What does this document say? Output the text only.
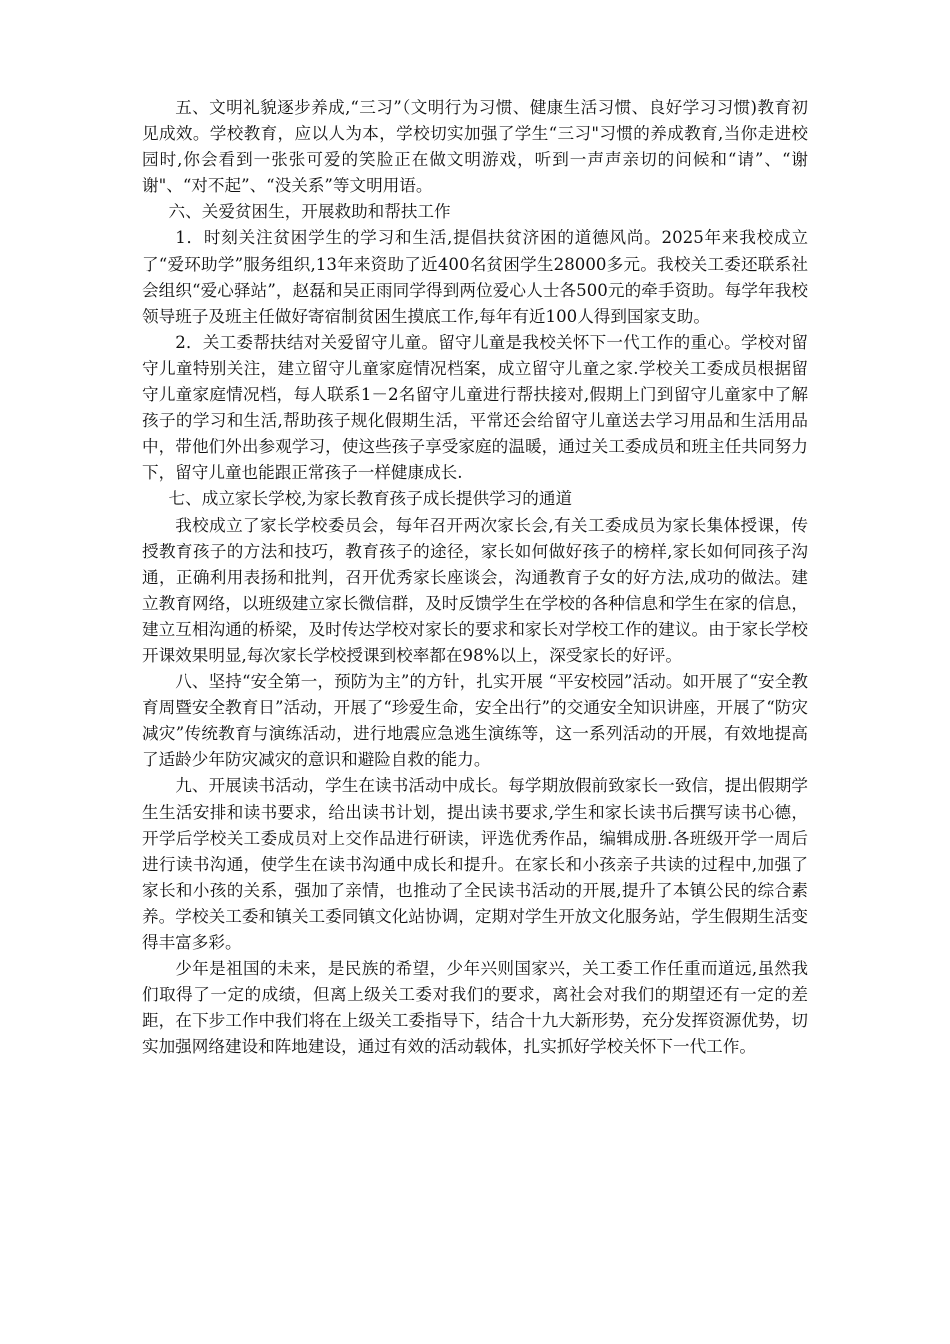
五、文明礼貌逐步养成,“三习”（文明行为习惯、健康生活习惯、良好学习习惯)教育初见成效。学校教育，应以人为本，学校切实加强了学生“三习"习惯的养成教育,当你走进校园时,你会看到一张张可爱的笑脸正在做文明游戏，听到一声声亲切的问候和“请”、“谢谢"、“对不起”、“没关系”等文明用语。

六、关爱贫困生，开展救助和帮扶工作

1．时刻关注贫困学生的学习和生活,提倡扶贫济困的道德风尚。2025年来我校成立了“爱环助学”服务组织,13年来资助了近400名贫困学生28000多元。我校关工委还联系社会组织“爱心驿站”，赵磊和吴正雨同学得到两位爱心人士各500元的牵手资助。每学年我校领导班子及班主任做好寄宿制贫困生摸底工作,每年有近100人得到国家支助。

2．关工委帮扶结对关爱留守儿童。留守儿童是我校关怀下一代工作的重心。学校对留守儿童特别关注，建立留守儿童家庭情况档案，成立留守儿童之家.学校关工委成员根据留守儿童家庭情况档，每人联系1－2名留守儿童进行帮扶接对,假期上门到留守儿童家中了解孩子的学习和生活,帮助孩子规化假期生活，平常还会给留守儿童送去学习用品和生活用品中，带他们外出参观学习，使这些孩子享受家庭的温暖，通过关工委成员和班主任共同努力下，留守儿童也能跟正常孩子一样健康成长.

七、成立家长学校,为家长教育孩子成长提供学习的通道

我校成立了家长学校委员会，每年召开两次家长会,有关工委成员为家长集体授课，传授教育孩子的方法和技巧，教育孩子的途径，家长如何做好孩子的榜样,家长如何同孩子沟通，正确利用表扬和批判，召开优秀家长座谈会，沟通教育子女的好方法,成功的做法。建立教育网络，以班级建立家长微信群，及时反馈学生在学校的各种信息和学生在家的信息，建立互相沟通的桥梁，及时传达学校对家长的要求和家长对学校工作的建议。由于家长学校开课效果明显,每次家长学校授课到校率都在98%以上，深受家长的好评。

八、坚持“安全第一，预防为主”的方针，扎实开展 “平安校园”活动。如开展了“安全教育周暨安全教育日”活动，开展了“珍爱生命，安全出行”的交通安全知识讲座，开展了“防灾减灾”传统教育与演练活动，进行地震应急逃生演练等，这一系列活动的开展，有效地提高了适龄少年防灾减灾的意识和避险自救的能力。

九、开展读书活动，学生在读书活动中成长。每学期放假前致家长一致信，提出假期学生生活安排和读书要求，给出读书计划，提出读书要求,学生和家长读书后撰写读书心德，开学后学校关工委成员对上交作品进行研读，评选优秀作品，编辑成册.各班级开学一周后进行读书沟通，使学生在读书沟通中成长和提升。在家长和小孩亲子共读的过程中,加强了家长和小孩的关系，强加了亲情，也推动了全民读书活动的开展,提升了本镇公民的综合素养。学校关工委和镇关工委同镇文化站协调，定期对学生开放文化服务站，学生假期生活变得丰富多彩。

少年是祖国的未来，是民族的希望，少年兴则国家兴，关工委工作任重而道远,虽然我们取得了一定的成绩，但离上级关工委对我们的要求，离社会对我们的期望还有一定的差距，在下步工作中我们将在上级关工委指导下，结合十九大新形势，充分发挥资源优势，切实加强网络建设和阵地建设，通过有效的活动载体，扎实抓好学校关怀下一代工作。
